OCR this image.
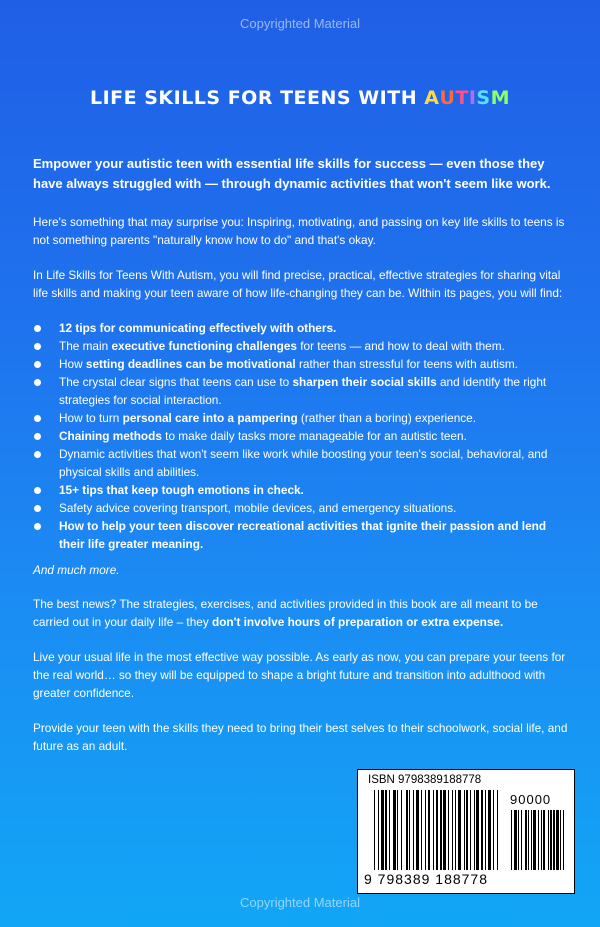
Copyrighted Material
LIFE SKILLS FOR TEENS WITH AUTISM

Empower your autistic teen with essential life skills for success — even those they have always struggled with — through dynamic activities that won't seem like work.

Here's something that may surprise you: Inspiring, motivating, and passing on key life skills to teens is not something parents "naturally know how to do" and that's okay.

In Life Skills for Teens With Autism, you will find precise, practical, effective strategies for sharing vital life skills and making your teen aware of how life-changing they can be. Within its pages, you will find:

12 tips for communicating effectively with others.
The main executive functioning challenges for teens — and how to deal with them.
How setting deadlines can be motivational rather than stressful for teens with autism.
The crystal clear signs that teens can use to sharpen their social skills and identify the right strategies for social interaction.
How to turn personal care into a pampering (rather than a boring) experience.
Chaining methods to make daily tasks more manageable for an autistic teen.
Dynamic activities that won't seem like work while boosting your teen's social, behavioral, and physical skills and abilities.
15+ tips that keep tough emotions in check.
Safety advice covering transport, mobile devices, and emergency situations.
How to help your teen discover recreational activities that ignite their passion and lend their life greater meaning.

And much more.

The best news? The strategies, exercises, and activities provided in this book are all meant to be carried out in your daily life – they don't involve hours of preparation or extra expense.

Live your usual life in the most effective way possible. As early as now, you can prepare your teens for the real world… so they will be equipped to shape a bright future and transition into adulthood with greater confidence.

Provide your teen with the skills they need to bring their best selves to their schoolwork, social life, and future as an adult.

ISBN 9798389188778
90000
9 798389 188778
Copyrighted Material
